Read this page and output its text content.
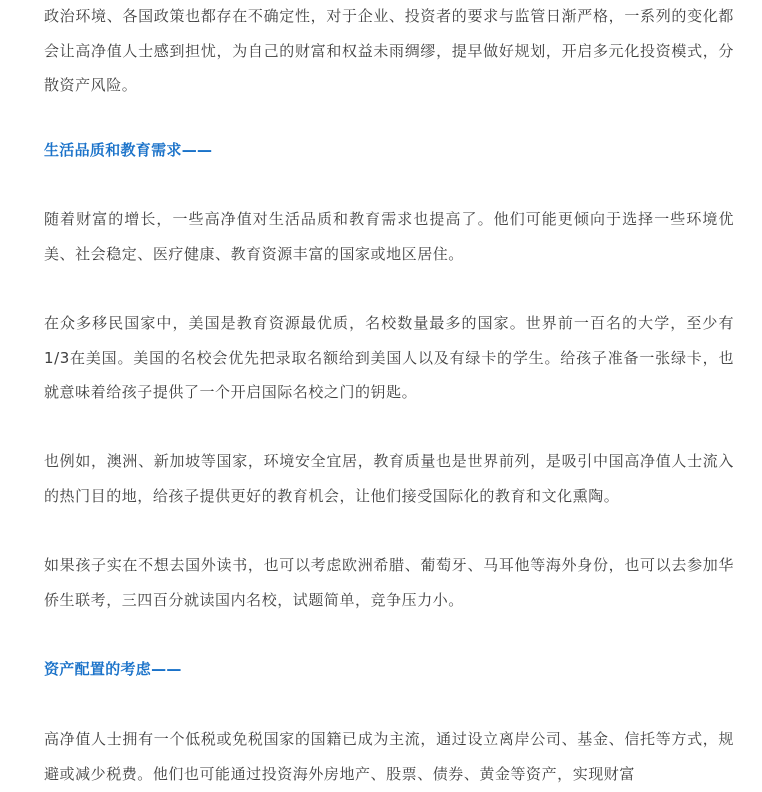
政治环境、各国政策也都存在不确定性，对于企业、投资者的要求与监管日渐严格，一系列的变化都会让高净值人士感到担忧，为自己的财富和权益未雨绸缪，提早做好规划，开启多元化投资模式，分散资产风险。

生活品质和教育需求——

随着财富的增长，一些高净值对生活品质和教育需求也提高了。他们可能更倾向于选择一些环境优美、社会稳定、医疗健康、教育资源丰富的国家或地区居住。

在众多移民国家中，美国是教育资源最优质，名校数量最多的国家。世界前一百名的大学，至少有1/3在美国。美国的名校会优先把录取名额给到美国人以及有绿卡的学生。给孩子准备一张绿卡，也就意味着给孩子提供了一个开启国际名校之门的钥匙。

也例如，澳洲、新加坡等国家，环境安全宜居，教育质量也是世界前列，是吸引中国高净值人士流入的热门目的地，给孩子提供更好的教育机会，让他们接受国际化的教育和文化熏陶。

如果孩子实在不想去国外读书，也可以考虑欧洲希腊、葡萄牙、马耳他等海外身份，也可以去参加华侨生联考，三四百分就读国内名校，试题简单，竞争压力小。

资产配置的考虑——

高净值人士拥有一个低税或免税国家的国籍已成为主流，通过设立离岸公司、基金、信托等方式，规避或减少税费。他们也可能通过投资海外房地产、股票、债券、黄金等资产，实现财富
